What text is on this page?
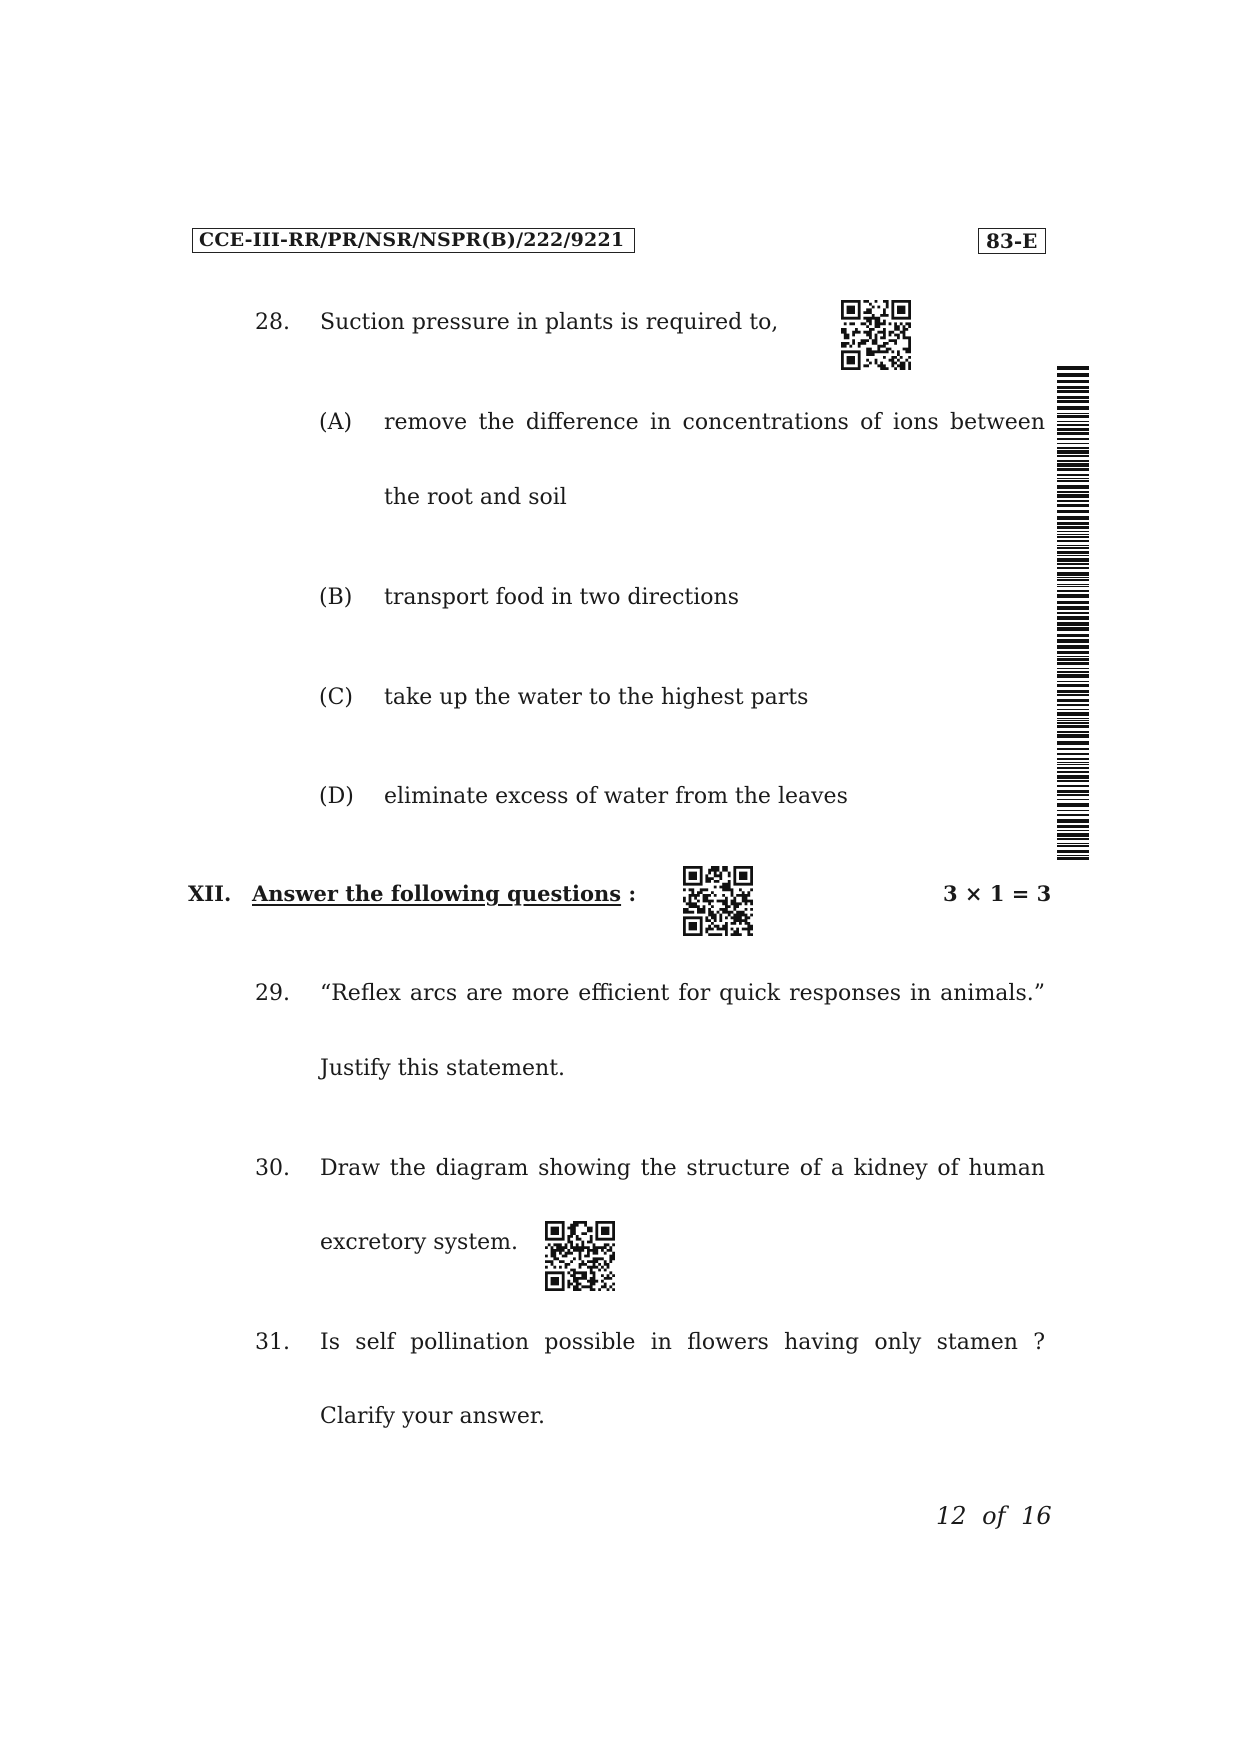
CCE-III-RR/PR/NSR/NSPR(B)/222/9221	83-E
28. Suction pressure in plants is required to,
(A) remove the difference in concentrations of ions between
the root and soil
(B) transport food in two directions
(C) take up the water to the highest parts
(D) eliminate excess of water from the leaves
XII. Answer the following questions :	3 × 1 = 3
29. “Reflex arcs are more efficient for quick responses in animals.”
Justify this statement.
30. Draw the diagram showing the structure of a kidney of human
excretory system.
31. Is self pollination possible in flowers having only stamen ?
Clarify your answer.
12 of 16
